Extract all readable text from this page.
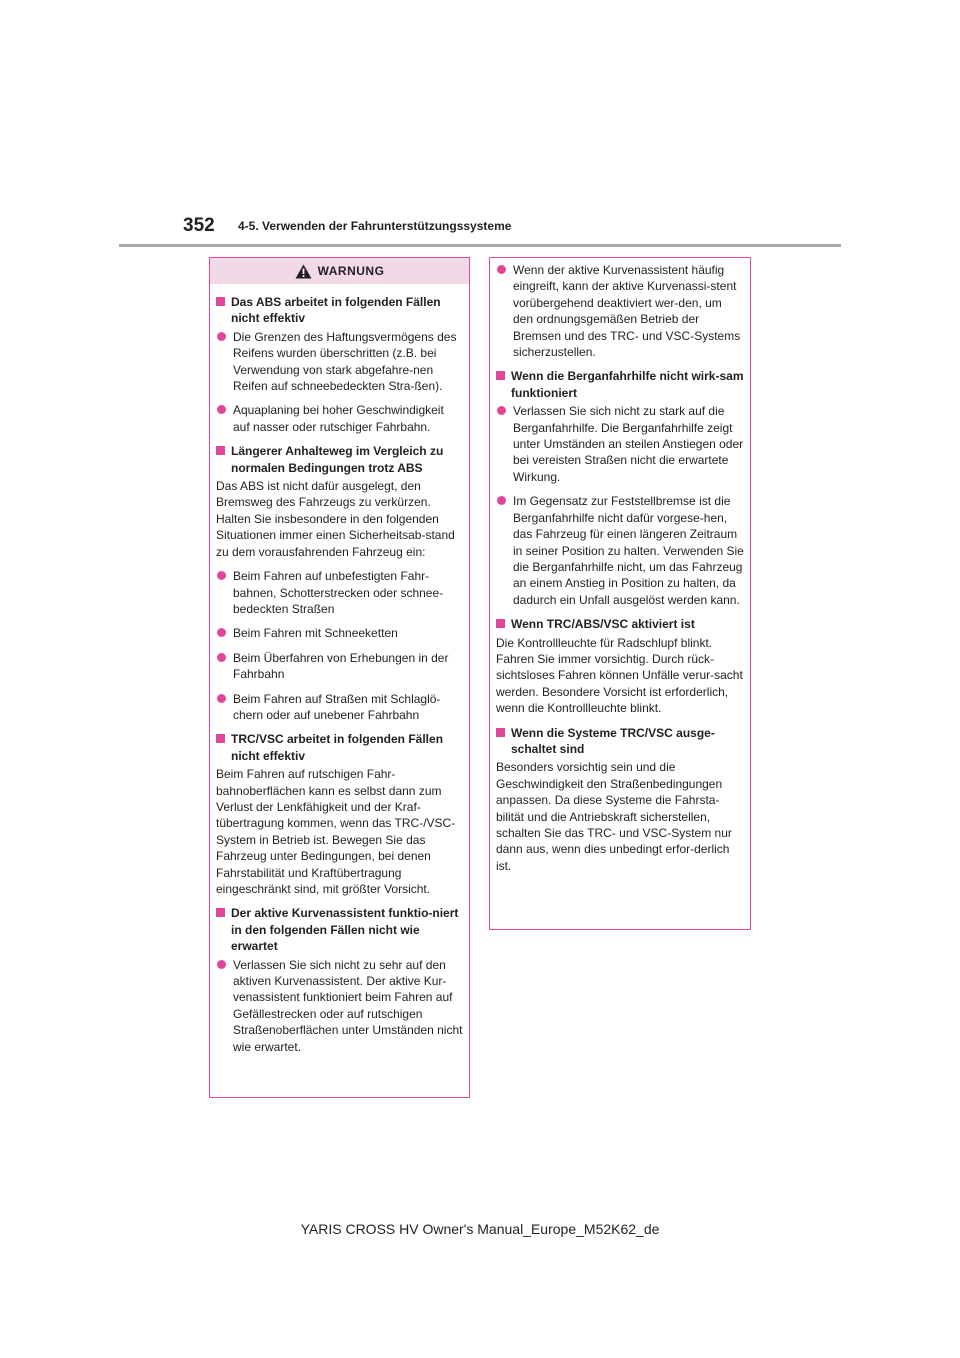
352 4-5. Verwenden der Fahrunterstützungssysteme
WARNUNG
Das ABS arbeitet in folgenden Fällen nicht effektiv
Die Grenzen des Haftungsvermögens des Reifens wurden überschritten (z.B. bei Verwendung von stark abgefahre-nen Reifen auf schneebedeckten Stra-ßen).
Aquaplaning bei hoher Geschwindigkeit auf nasser oder rutschiger Fahrbahn.
Längerer Anhalteweg im Vergleich zu normalen Bedingungen trotz ABS
Das ABS ist nicht dafür ausgelegt, den Bremsweg des Fahrzeugs zu verkürzen. Halten Sie insbesondere in den folgenden Situationen immer einen Sicherheitsab-stand zu dem vorausfahrenden Fahrzeug ein:
Beim Fahren auf unbefestigten Fahr-bahnen, Schotterstrecken oder schnee-bedeckten Straßen
Beim Fahren mit Schneeketten
Beim Überfahren von Erhebungen in der Fahrbahn
Beim Fahren auf Straßen mit Schlaglö-chern oder auf unebener Fahrbahn
TRC/VSC arbeitet in folgenden Fällen nicht effektiv
Beim Fahren auf rutschigen Fahr-bahnoberflächen kann es selbst dann zum Verlust der Lenkfähigkeit und der Kraf-tübertragung kommen, wenn das TRC-/VSC-System in Betrieb ist. Bewegen Sie das Fahrzeug unter Bedingungen, bei denen Fahrstabilität und Kraftübertragung eingeschränkt sind, mit größter Vorsicht.
Der aktive Kurvenassistent funktio-niert in den folgenden Fällen nicht wie erwartet
Verlassen Sie sich nicht zu sehr auf den aktiven Kurvenassistent. Der aktive Kur-venassistent funktioniert beim Fahren auf Gefällestrecken oder auf rutschigen Straßenoberflächen unter Umständen nicht wie erwartet.
Wenn der aktive Kurvenassistent häufig eingreift, kann der aktive Kurvenassi-stent vorübergehend deaktiviert wer-den, um den ordnungsgemäßen Betrieb der Bremsen und des TRC- und VSC-Systems sicherzustellen.
Wenn die Berganfahrhilfe nicht wirk-sam funktioniert
Verlassen Sie sich nicht zu stark auf die Berganfahrhilfe. Die Berganfahrhilfe zeigt unter Umständen an steilen Anstiegen oder bei vereisten Straßen nicht die erwartete Wirkung.
Im Gegensatz zur Feststellbremse ist die Berganfahrhilfe nicht dafür vorgese-hen, das Fahrzeug für einen längeren Zeitraum in seiner Position zu halten. Verwenden Sie die Berganfahrhilfe nicht, um das Fahrzeug an einem Anstieg in Position zu halten, da dadurch ein Unfall ausgelöst werden kann.
Wenn TRC/ABS/VSC aktiviert ist
Die Kontrollleuchte für Radschlupf blinkt. Fahren Sie immer vorsichtig. Durch rück-sichtsloses Fahren können Unfälle verur-sacht werden. Besondere Vorsicht ist erforderlich, wenn die Kontrollleuchte blinkt.
Wenn die Systeme TRC/VSC ausge-schaltet sind
Besonders vorsichtig sein und die Geschwindigkeit den Straßenbedingungen anpassen. Da diese Systeme die Fahrsta-bilität und die Antriebskraft sicherstellen, schalten Sie das TRC- und VSC-System nur dann aus, wenn dies unbedingt erfor-derlich ist.
YARIS CROSS HV Owner's Manual_Europe_M52K62_de
